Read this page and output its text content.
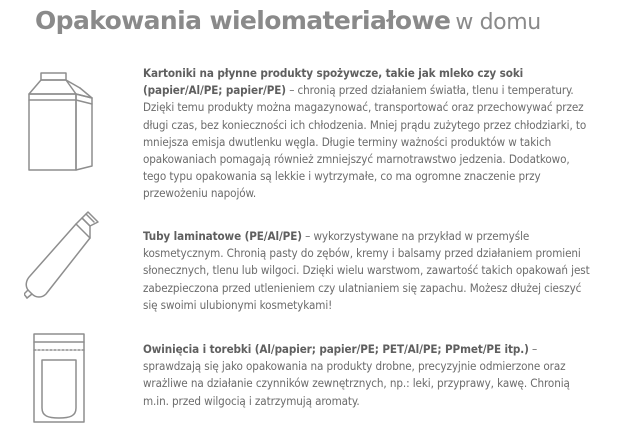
Opakowania wielomateriałowe w domu

Kartoniki na płynne produkty spożywcze, takie jak mleko czy soki (papier/Al/PE; papier/PE) – chronią przed działaniem światła, tlenu i temperatury. Dzięki temu produkty można magazynować, transportować oraz przechowywać przez długi czas, bez konieczności ich chłodzenia. Mniej prądu zużytego przez chłodziarki, to mniejsza emisja dwutlenku węgla. Długie terminy ważności produktów w takich opakowaniach pomagają również zmniejszyć marnotrawstwo jedzenia. Dodatkowo, tego typu opakowania są lekkie i wytrzymałe, co ma ogromne znaczenie przy przewożeniu napojów.

Tuby laminatowe (PE/Al/PE) – wykorzystywane na przykład w przemyśle kosmetycznym. Chronią pasty do zębów, kremy i balsamy przed działaniem promieni słonecznych, tlenu lub wilgoci. Dzięki wielu warstwom, zawartość takich opakowań jest zabezpieczona przed utlenieniem czy ulatnianiem się zapachu. Możesz dłużej cieszyć się swoimi ulubionymi kosmetykami!

Owinięcia i torebki (Al/papier; papier/PE; PET/Al/PE; PPmet/PE itp.) – sprawdzają się jako opakowania na produkty drobne, precyzyjnie odmierzone oraz wrażliwe na działanie czynników zewnętrznych, np.: leki, przyprawy, kawę. Chronią m.in. przed wilgocią i zatrzymują aromaty.
